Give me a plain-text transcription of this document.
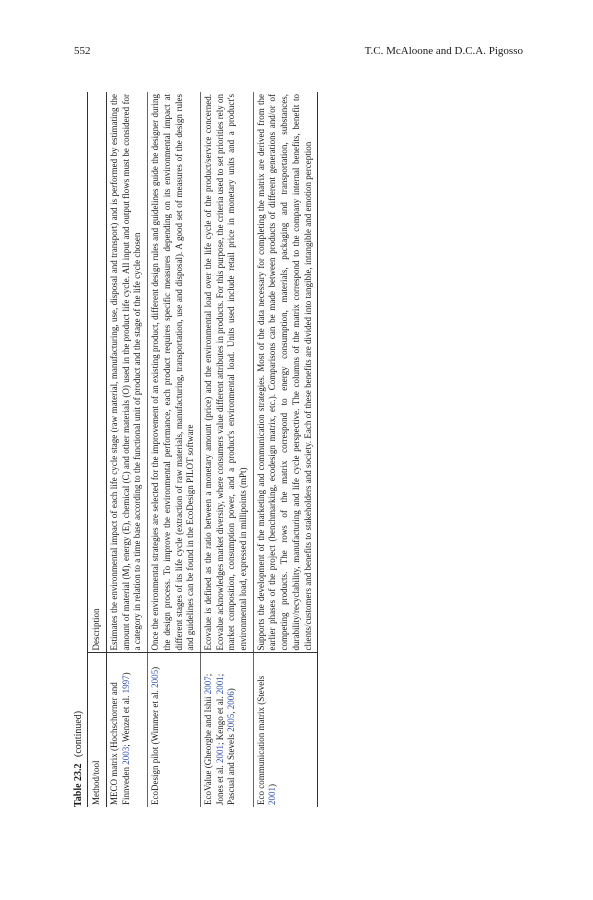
552	T.C. McAloone and D.C.A. Pigosso
Table 23.2 (continued)
Method/tool	Description
MECO matrix (Hochschorner and Finnveden 2003; Wenzel et al. 1997)	Estimates the environmental impact of each life cycle stage (raw material, manufacturing, use, disposal and transport) and is performed by estimating the amount of material (M), energy (E), chemical (C) and other materials (O) used in the product life cycle. All input and output flows must be considered for a category in relation to a time base according to the functional unit of product and the stage of the life cycle chosen
EcoDesign pilot (Wimmer et al. 2005)	Once the environmental strategies are selected for the improvement of an existing product, different design rules and guidelines guide the designer during the design process. To improve the environmental performance, each product requires specific measures depending on its environmental impact at different stages of its life cycle (extraction of raw materials, manufacturing, transportation, use and disposal). A good set of measures of the design rules and guidelines can be found in the EcoDesign PILOT software
EcoValue (Gheorghe and Ishii 2007; Jones et al. 2001; Kengo et al. 2001; Pascual and Stevels 2005, 2006)	Ecovalue is defined as the ratio between a monetary amount (price) and the environmental load over the life cycle of the product/service concerned. Ecovalue acknowledges market diversity, where consumers value different attributes in products. For this purpose, the criteria used to set priorities rely on market composition, consumption power, and a product's environmental load. Units used include retail price in monetary units and a product's environmental load, expressed in millipoints (mPt)
Eco communication matrix (Stevels 2001)	Supports the development of the marketing and communication strategies. Most of the data necessary for completing the matrix are derived from the earlier phases of the project (benchmarking, ecodesign matrix, etc.). Comparisons can be made between products of different generations and/or of competing products. The rows of the matrix correspond to energy consumption, materials, packaging and transportation, substances, durability/recyclability, manufacturing and life cycle perspective. The columns of the matrix correspond to the company internal benefits, benefit to clients/customers and benefits to stakeholders and society. Each of these benefits are divided into tangible, intangible and emotion perception
